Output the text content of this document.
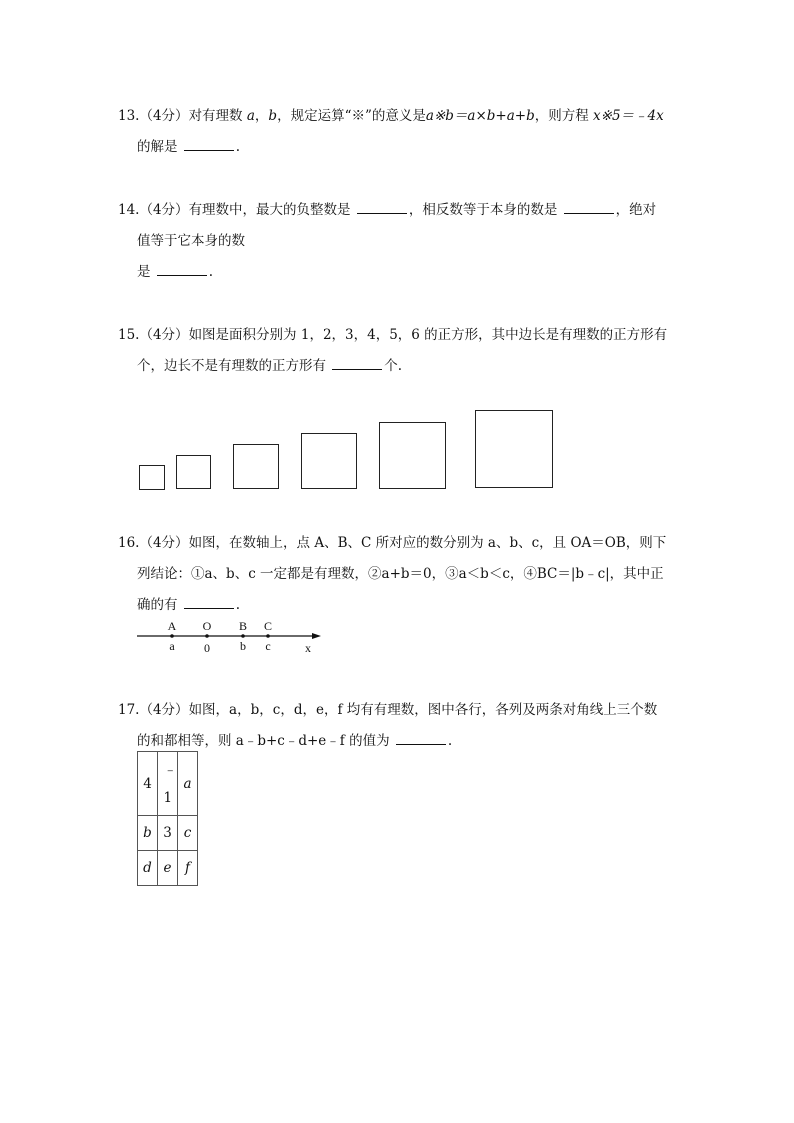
13.（4分）对有理数 a，b，规定运算“※”的意义是a※b＝a×b+a+b，则方程 x※5＝﹣4x
的解是	.
14.（4分）有理数中，最大的负整数是	，相反数等于本身的数是	，绝对
值等于它本身的数
是	.
15.（4分）如图是面积分别为 1，2，3，4，5，6 的正方形，其中边长是有理数的正方形有
个，边长不是有理数的正方形有	个.
16.（4分）如图，在数轴上，点 A、B、C 所对应的数分别为 a、b、c，且 OA＝OB，则下
列结论：①a、b、c 一定都是有理数，②a+b＝0，③a＜b＜c，④BC＝|b﹣c|，其中正
确的有	.
A O B C
a 0	b c	x
17.（4分）如图，a，b，c，d，e，f 均有有理数，图中各行，各列及两条对角线上三个数
的和都相等，则 a﹣b+c﹣d+e﹣f 的值为	.
4	﹣1	a
b	3	c
d	e	f
